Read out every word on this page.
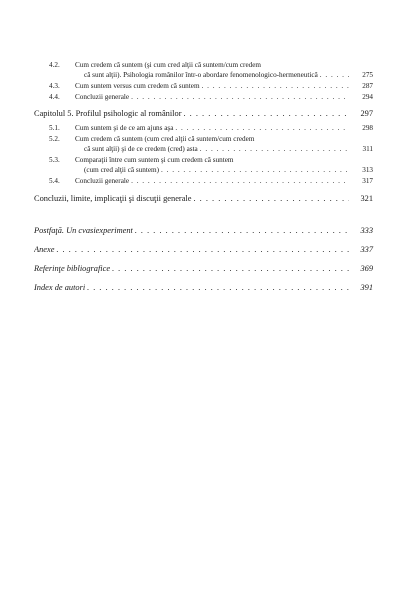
4.2.	Cum credem că suntem (şi cum cred alţii că suntem/cum credem
că sunt alţii). Psihologia românilor într-o abordare fenomenologico-hermeneutică . . .	275
4.3.	Cum suntem versus cum credem că suntem . . .	287
4.4.	Concluzii generale . . .	294
Capitolul 5. Profilul psihologic al românilor . . .	297
5.1.	Cum suntem şi de ce am ajuns aşa . . .	298
5.2.	Cum credem că suntem (cum cred alţii că suntem/cum credem
că sunt alţii) şi de ce credem (cred) asta . . .	311
5.3.	Comparaţii între cum suntem şi cum credem că suntem
(cum cred alţii că suntem) . . .	313
5.4.	Concluzii generale . . .	317
Concluzii, limite, implicaţii şi discuţii generale . . .	321
Postfaţă. Un cvasiexperiment . . .	333
Anexe . . .	337
Referinţe bibliografice . . .	369
Index de autori . . .	391
